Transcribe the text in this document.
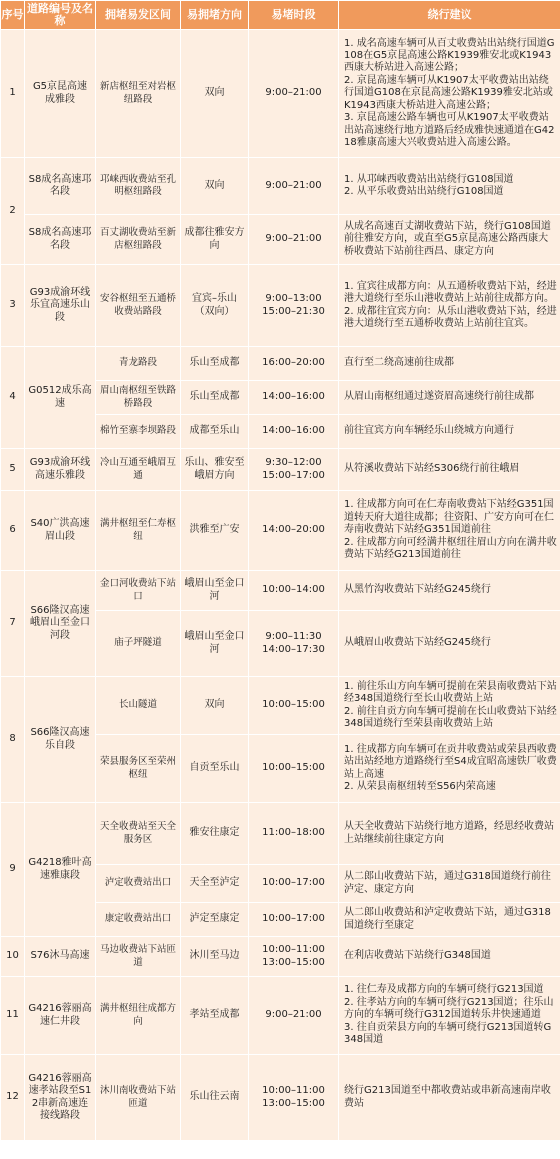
序号	道路编号及名称	拥堵易发区间	易拥堵方向	易堵时段	绕行建议
1	G5京昆高速成雅段	新店枢纽至对岩枢纽路段	双向	9:00–21:00	1. 成名高速车辆可从百丈收费站出站绕行国道G108在G5京昆高速公路K1939雅安北或K1943西康大桥站进入高速公路；
2. 京昆高速车辆可从K1907太平收费站出站绕行国道G108在京昆高速公路K1939雅安北站或K1943西康大桥站进入高速公路；
3. 京昆高速公路车辆也可从K1907太平收费站出站高速绕行地方道路后经成雅快速通道在G4218雅康高速大兴收费站进入高速公路。
2	S8成名高速邛名段	邛崃西收费站至孔明枢纽路段	双向	9:00–21:00	1. 从邛崃西收费站出站绕行G108国道
2. 从平乐收费站出站绕行G108国道
	S8成名高速邛名段	百丈湖收费站至新店枢纽路段	成都往雅安方向	9:00–21:00	从成名高速百丈湖收费站下站，绕行G108国道前往雅安方向，或直至G5京昆高速公路西康大桥收费站下站前往西昌、康定方向
3	G93成渝环线乐宜高速乐山段	安谷枢纽至五通桥收费站路段	宜宾–乐山（双向）	9:00–13:00
15:00–21:30	1. 宜宾往成都方向：从五通桥收费站下站，经进港大道绕行至乐山港收费站上站前往成都方向。
2. 成都往宜宾方向：从乐山港收费站下站，经进港大道绕行至五通桥收费站上站前往宜宾。
4	G0512成乐高速	青龙路段	乐山至成都	16:00–20:00	直行至二绕高速前往成都
		眉山南枢纽至铁路桥路段	乐山至成都	14:00–16:00	从眉山南枢纽通过遂资眉高速绕行前往成都
		棉竹至寨李坝路段	成都至乐山	14:00–16:00	前往宜宾方向车辆经乐山绕城方向通行
5	G93成渝环线高速乐雅段	冷山互通至峨眉互通	乐山、雅安至峨眉方向	9:30–12:00
15:00–17:00	从符溪收费站下站经S306绕行前往峨眉
6	S40广洪高速眉山段	满井枢纽至仁寿枢纽	洪雅至广安	14:00–20:00	1. 往成都方向可在仁寿南收费站下站经G351国道转天府大道往成都；往资阳、广安方向可在仁寿南收费站下站经G351国道前往
2. 往成都方向可经满井枢纽往眉山方向在满井收费站下站经G213国道前往
7	S66隆汉高速峨眉山至金口河段	金口河收费站下站口	峨眉山至金口河	10:00–14:00	从黑竹沟收费站下站经G245绕行
		庙子坪隧道	峨眉山至金口河	9:00–11:30
14:00–17:30	从峨眉山收费站下站经G245绕行
8	S66隆汉高速乐自段	长山隧道	双向	10:00–15:00	1. 前往乐山方向车辆可提前在荣县南收费站下站经348国道绕行至长山收费站上站
2. 前往自贡方向车辆可提前在长山收费站下站经348国道绕行至荣县南收费站上站
		荣县服务区至荣州枢纽	自贡至乐山	10:00–15:00	1. 往成都方向车辆可在贡井收费站或荣县西收费站出站经地方道路绕行至S4成宜昭高速铁厂收费站上高速
2. 从荣县南枢纽转至S56内荣高速
9	G4218雅叶高速雅康段	天全收费站至天全服务区	雅安往康定	11:00–18:00	从天全收费站下站绕行地方道路，经思经收费站上站继续前往康定方向
		泸定收费站出口	天全至泸定	10:00–17:00	从二郎山收费站下站，通过G318国道绕行前往泸定、康定方向
		康定收费站出口	泸定至康定	10:00–17:00	从二郎山收费站和泸定收费站下站，通过G318国道绕行至康定
10	S76沐马高速	马边收费站下站匝道	沐川至马边	10:00–11:00
13:00–15:00	在利店收费站下站绕行G348国道
11	G4216蓉丽高速仁井段	满井枢纽往成都方向	孝站至成都	9:00–21:00	1. 往仁寿及成都方向的车辆可绕行G213国道
2. 往孝站方向的车辆可绕行G213国道；往乐山方向的车辆可绕行G312国道转乐井快速通道
3. 往自贡荣县方向的车辆可绕行G213国道转G348国道
12	G4216蓉丽高速孝站段至S12串新高速连接线路段	沐川南收费站下站匝道	乐山往云南	10:00–11:00
13:00–15:00	绕行G213国道至中都收费站或串新高速南岸收费站
